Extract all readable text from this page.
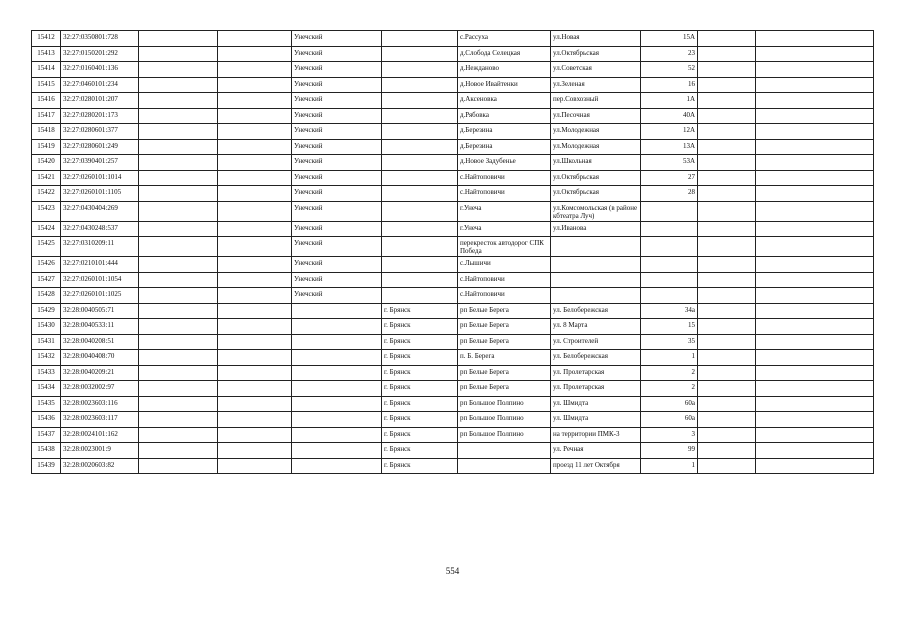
15412	32:27:0350801:728			Унечский		с.Рассуха	ул.Новая	15А		
15413	32:27:0150201:292			Унечский		д.Слобода Селецкая	ул.Октябрьская	23		
15414	32:27:0160401:136			Унечский		д.Нежданово	ул.Советская	52		
15415	32:27:0460101:234			Унечский		д.Новое Ивайтенки	ул.Зеленая	16		
15416	32:27:0280101:207			Унечский		д.Аксеновка	пер.Совхозный	1А		
15417	32:27:0280201:173			Унечский		д.Рябовка	ул.Песочная	40А		
15418	32:27:0280601:377			Унечский		д.Березина	ул.Молодежная	12А		
15419	32:27:0280601:249			Унечский		д.Березина	ул.Молодежная	13А		
15420	32:27:0390401:257			Унечский		д.Новое Задубенье	ул.Школьная	53А		
15421	32:27:0260101:1014			Унечский		с.Найтоповичи	ул.Октябрьская	27		
15422	32:27:0260101:1105			Унечский		с.Найтоповичи	ул.Октябрьская	28		
15423	32:27:0430404:269			Унечский		г.Унеча	ул.Комсомольская (в районе кбтеатра Луч)			
15424	32:27:0430248:537			Унечский		г.Унеча	ул.Иванова			
15425	32:27:0310209:11			Унечский		перекресток автодорог СПК Победа				
15426	32:27:0210101:444			Унечский		с.Лышичи				
15427	32:27:0260101:1054			Унечский		с.Найтоповичи				
15428	32:27:0260101:1025			Унечский		с.Найтоповичи				
15429	32:28:0040505:71				г. Брянск	рп Белые Берега	ул. Белобережская	34а		
15430	32:28:0040533:11				г. Брянск	рп Белые Берега	ул. 8 Марта	15		
15431	32:28:0040208:51				г. Брянск	рп Белые Берега	ул. Строителей	35		
15432	32:28:0040408:70				г. Брянск	п. Б. Берега	ул. Белобережская	1		
15433	32:28:0040209:21				г. Брянск	рп Белые Берега	ул. Пролетарская	2		
15434	32:28:0032002:97				г. Брянск	рп Белые Берега	ул. Пролетарская	2		
15435	32:28:0023603:116				г. Брянск	рп Большое Полпино	ул. Шмидта	60а		
15436	32:28:0023603:117				г. Брянск	рп Большое Полпино	ул. Шмидта	60а		
15437	32:28:0024101:162				г. Брянск	рп Большое Полпино	на территории ПМК-3	3		
15438	32:28:0023001:9				г. Брянск		ул. Речная	99		
15439	32:28:0020603:82				г. Брянск		проезд 11 лет Октября	1		
554
